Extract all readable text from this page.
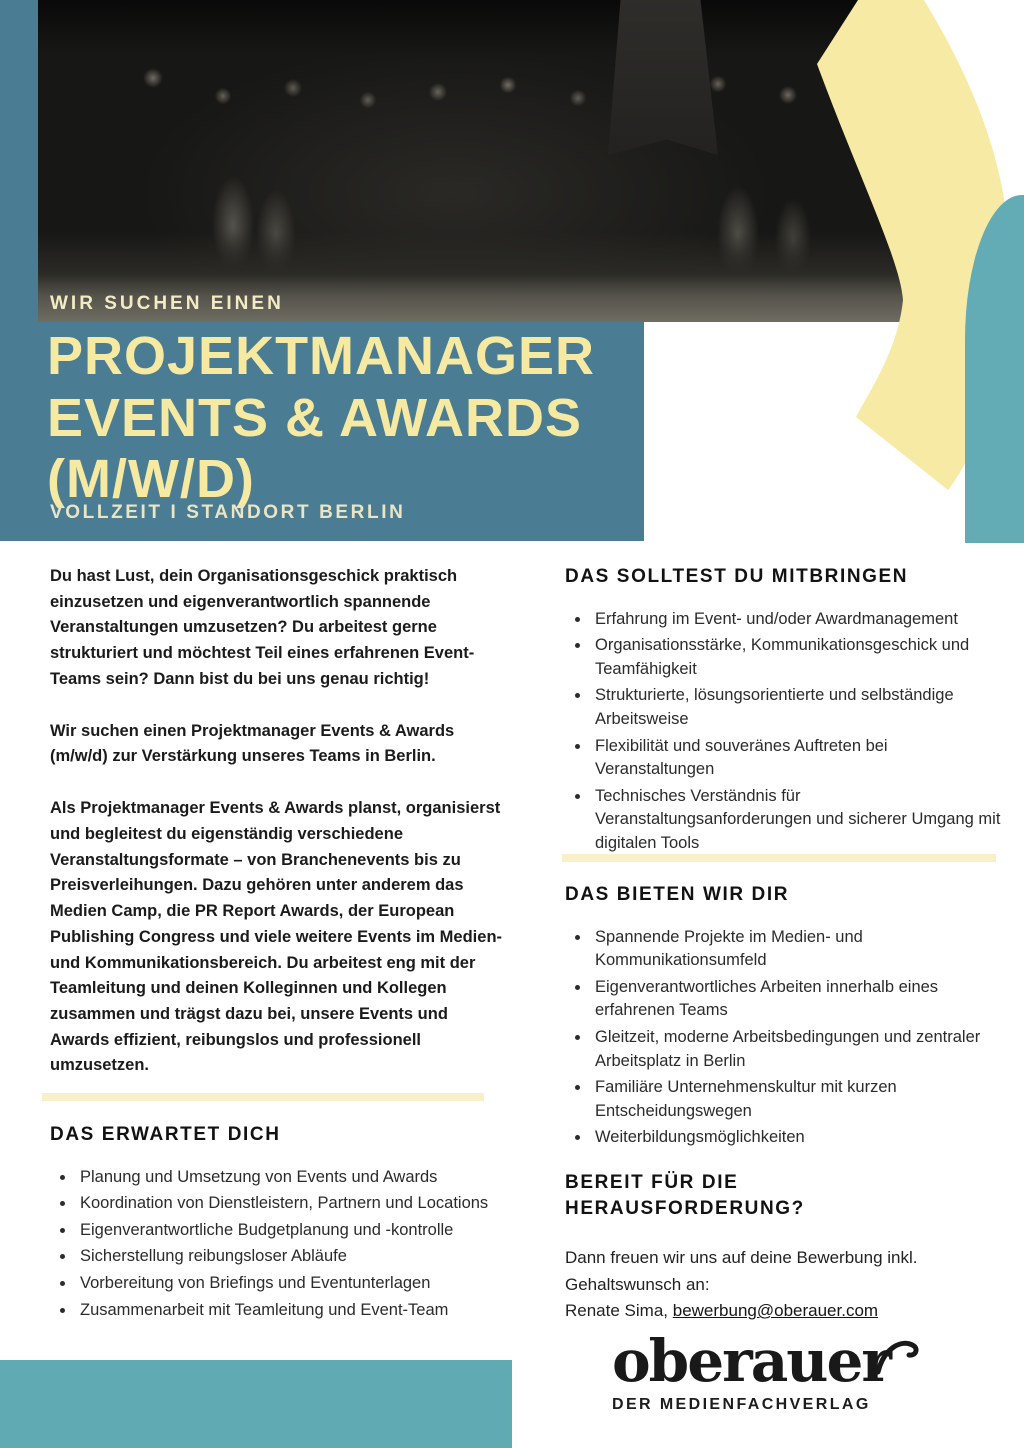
WIR SUCHEN EINEN
PROJEKTMANAGER
EVENTS & AWARDS
(M/W/D)
VOLLZEIT I STANDORT BERLIN

Du hast Lust, dein Organisationsgeschick praktisch einzusetzen und eigenverantwortlich spannende Veranstaltungen umzusetzen? Du arbeitest gerne strukturiert und möchtest Teil eines erfahrenen Event-Teams sein? Dann bist du bei uns genau richtig!

Wir suchen einen Projektmanager Events & Awards (m/w/d) zur Verstärkung unseres Teams in Berlin.

Als Projektmanager Events & Awards planst, organisierst und begleitest du eigenständig verschiedene Veranstaltungsformate – von Branchenevents bis zu Preisverleihungen. Dazu gehören unter anderem das Medien Camp, die PR Report Awards, der European Publishing Congress und viele weitere Events im Medien- und Kommunikationsbereich. Du arbeitest eng mit der Teamleitung und deinen Kolleginnen und Kollegen zusammen und trägst dazu bei, unsere Events und Awards effizient, reibungslos und professionell umzusetzen.

DAS ERWARTET DICH
• Planung und Umsetzung von Events und Awards
• Koordination von Dienstleistern, Partnern und Locations
• Eigenverantwortliche Budgetplanung und -kontrolle
• Sicherstellung reibungsloser Abläufe
• Vorbereitung von Briefings und Eventunterlagen
• Zusammenarbeit mit Teamleitung und Event-Team
DAS SOLLTEST DU MITBRINGEN
• Erfahrung im Event- und/oder Awardmanagement
• Organisationsstärke, Kommunikationsgeschick und Teamfähigkeit
• Strukturierte, lösungsorientierte und selbständige Arbeitsweise
• Flexibilität und souveränes Auftreten bei Veranstaltungen
• Technisches Verständnis für Veranstaltungsanforderungen und sicherer Umgang mit digitalen Tools
DAS BIETEN WIR DIR
• Spannende Projekte im Medien- und Kommunikationsumfeld
• Eigenverantwortliches Arbeiten innerhalb eines erfahrenen Teams
• Gleitzeit, moderne Arbeitsbedingungen und zentraler Arbeitsplatz in Berlin
• Familiäre Unternehmenskultur mit kurzen Entscheidungswegen
• Weiterbildungsmöglichkeiten
BEREIT FÜR DIE HERAUSFORDERUNG?

Dann freuen wir uns auf deine Bewerbung inkl. Gehaltswunsch an:

Renate Sima, bewerbung@oberauer.com

oberauer
DER MEDIENFACHVERLAG
